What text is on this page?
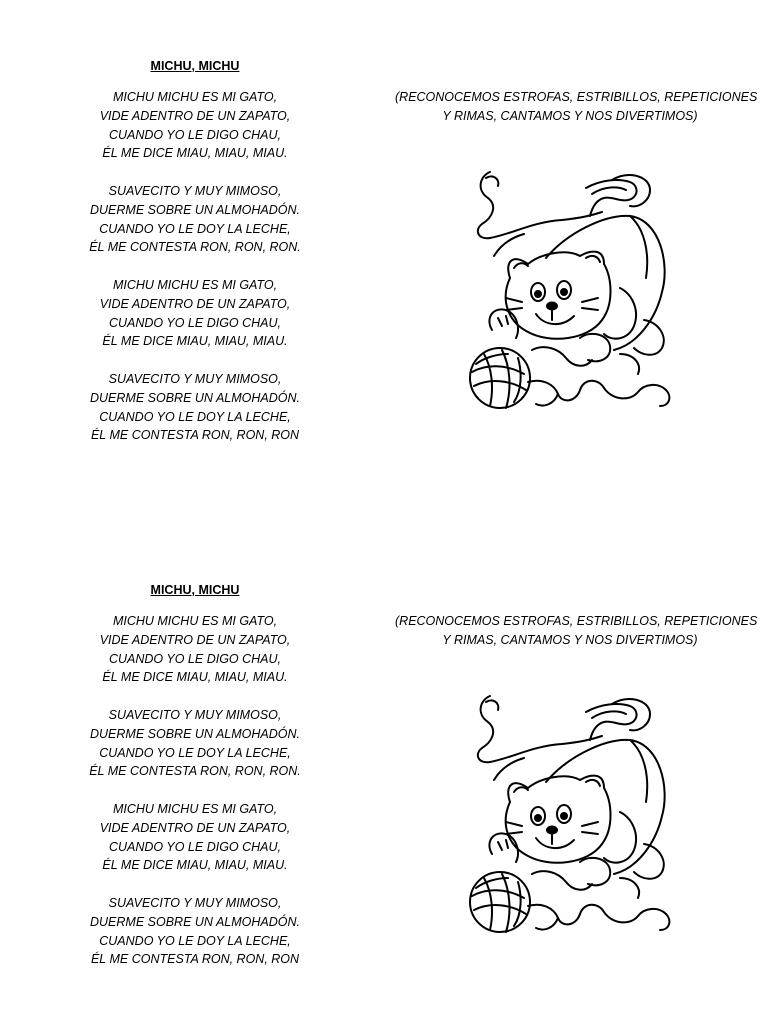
MICHU, MICHU

MICHU MICHU ES MI GATO,
VIDE ADENTRO DE UN ZAPATO,
CUANDO YO LE DIGO CHAU,
ÉL ME DICE MIAU, MIAU, MIAU.

SUAVECITO Y MUY MIMOSO,
DUERME SOBRE UN ALMOHADÓN.
CUANDO YO LE DOY LA LECHE,
ÉL ME CONTESTA RON, RON, RON.

MICHU MICHU ES MI GATO,
VIDE ADENTRO DE UN ZAPATO,
CUANDO YO LE DIGO CHAU,
ÉL ME DICE MIAU, MIAU, MIAU.

SUAVECITO Y MUY MIMOSO,
DUERME SOBRE UN ALMOHADÓN.
CUANDO YO LE DOY LA LECHE,
ÉL ME CONTESTA RON, RON, RON

(RECONOCEMOS ESTROFAS, ESTRIBILLOS, REPETICIONES
Y RIMAS, CANTAMOS Y NOS DIVERTIMOS)

MICHU, MICHU

MICHU MICHU ES MI GATO,
VIDE ADENTRO DE UN ZAPATO,
CUANDO YO LE DIGO CHAU,
ÉL ME DICE MIAU, MIAU, MIAU.

SUAVECITO Y MUY MIMOSO,
DUERME SOBRE UN ALMOHADÓN.
CUANDO YO LE DOY LA LECHE,
ÉL ME CONTESTA RON, RON, RON.

MICHU MICHU ES MI GATO,
VIDE ADENTRO DE UN ZAPATO,
CUANDO YO LE DIGO CHAU,
ÉL ME DICE MIAU, MIAU, MIAU.

SUAVECITO Y MUY MIMOSO,
DUERME SOBRE UN ALMOHADÓN.
CUANDO YO LE DOY LA LECHE,
ÉL ME CONTESTA RON, RON, RON

(RECONOCEMOS ESTROFAS, ESTRIBILLOS, REPETICIONES
Y RIMAS, CANTAMOS Y NOS DIVERTIMOS)
